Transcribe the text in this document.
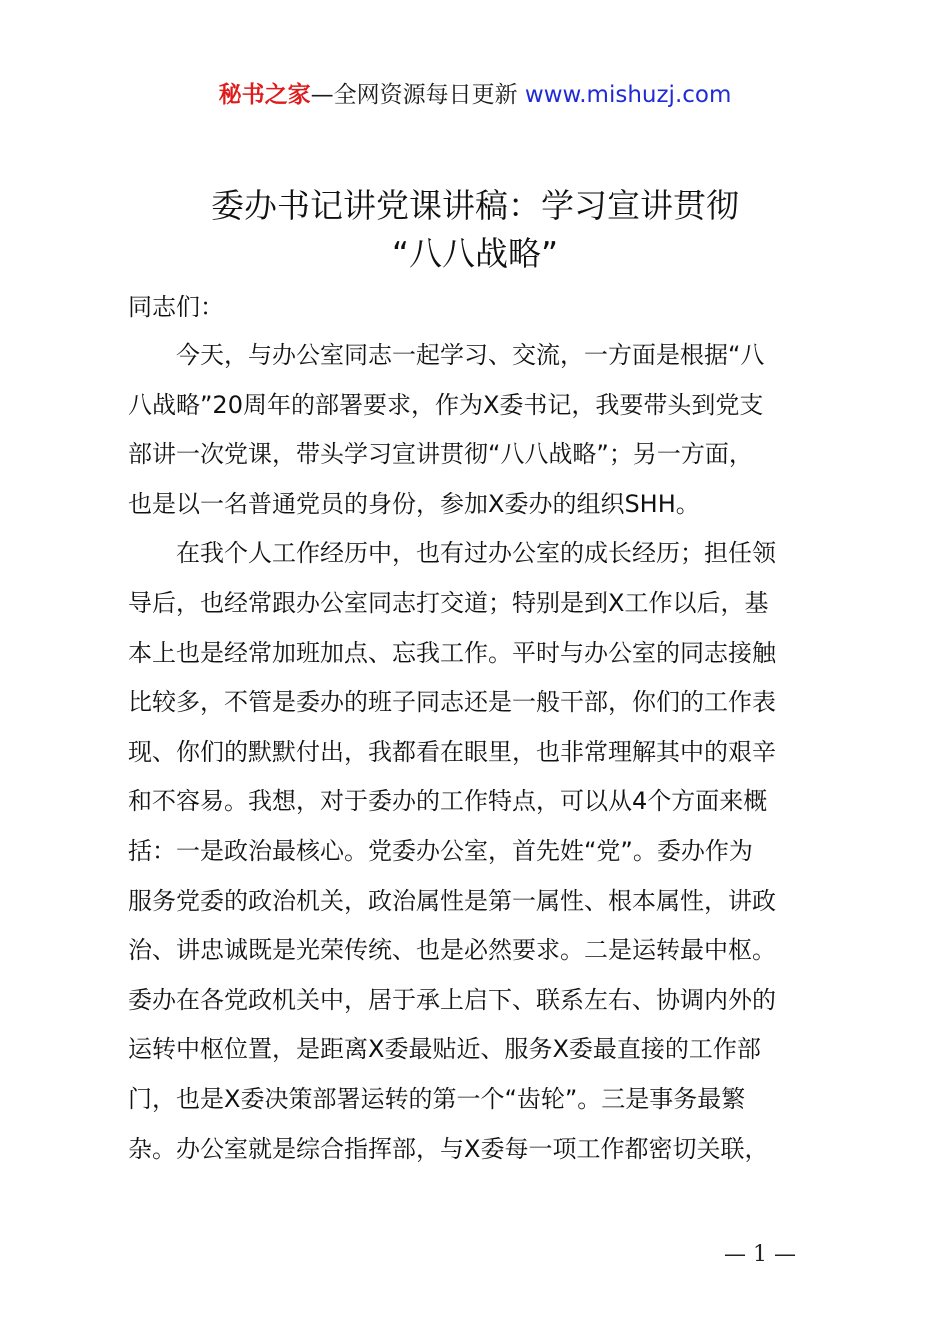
秘书之家—全网资源每日更新 www.mishuzj.com
委办书记讲党课讲稿：学习宣讲贯彻
“八八战略”

同志们：

　　今天，与办公室同志一起学习、交流，一方面是根据“八
八战略”20周年的部署要求，作为X委书记，我要带头到党支
部讲一次党课，带头学习宣讲贯彻“八八战略”；另一方面，
也是以一名普通党员的身份，参加X委办的组织SHH。

　　在我个人工作经历中，也有过办公室的成长经历；担任领
导后，也经常跟办公室同志打交道；特别是到X工作以后，基
本上也是经常加班加点、忘我工作。平时与办公室的同志接触
比较多，不管是委办的班子同志还是一般干部，你们的工作表
现、你们的默默付出，我都看在眼里，也非常理解其中的艰辛
和不容易。我想，对于委办的工作特点，可以从4个方面来概
括：一是政治最核心。党委办公室，首先姓“党”。委办作为
服务党委的政治机关，政治属性是第一属性、根本属性，讲政
治、讲忠诚既是光荣传统、也是必然要求。二是运转最中枢。
委办在各党政机关中，居于承上启下、联系左右、协调内外的
运转中枢位置，是距离X委最贴近、服务X委最直接的工作部
门，也是X委决策部署运转的第一个“齿轮”。三是事务最繁
杂。办公室就是综合指挥部，与X委每一项工作都密切关联，

— 1 —
